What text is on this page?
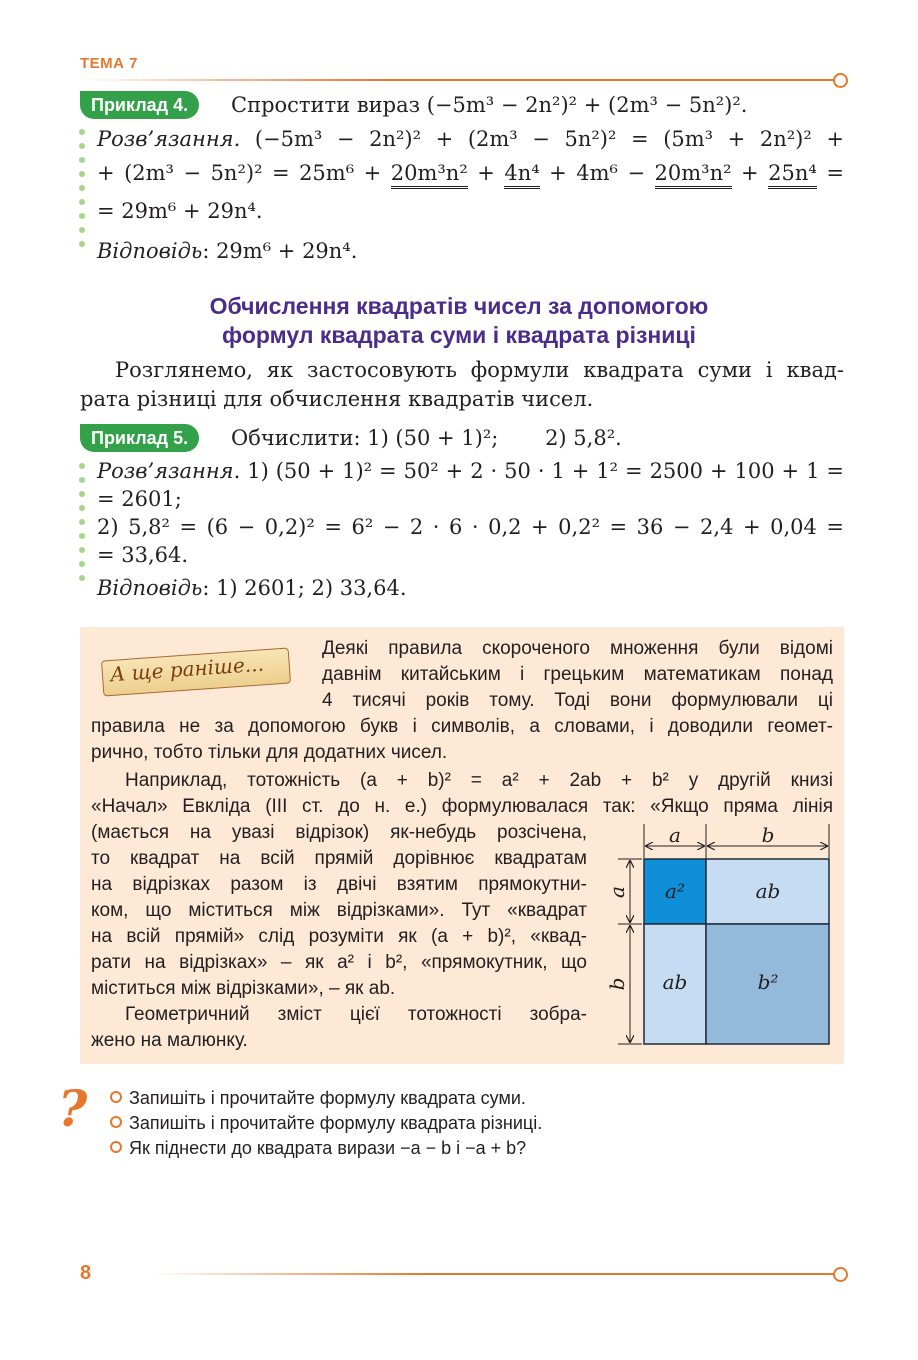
ТЕМА 7
Приклад 4.	Спростити вираз (−5m³ − 2n²)² + (2m³ − 5n²)².
Розв’язання. (−5m³ − 2n²)² + (2m³ − 5n²)² = (5m³ + 2n²)² +
+ (2m³ − 5n²)² = 25m⁶ + 20m³n² + 4n⁴ + 4m⁶ − 20m³n² + 25n⁴ =
= 29m⁶ + 29n⁴.
Відповідь: 29m⁶ + 29n⁴.
Обчислення квадратів чисел за допомогою
формул квадрата суми і квадрата різниці
Розглянемо, як застосовують формули квадрата суми і квад-
рата різниці для обчислення квадратів чисел.
Приклад 5.	Обчислити: 1) (50 + 1)²;       2) 5,8².
Розв’язання. 1) (50 + 1)² = 50² + 2 · 50 · 1 + 1² = 2500 + 100 + 1 =
= 2601;
2) 5,8² = (6 − 0,2)² = 6² − 2 · 6 · 0,2 + 0,2² = 36 − 2,4 + 0,04 =
= 33,64.
Відповідь: 1) 2601; 2) 33,64.
А ще раніше...
Деякі правила скороченого множення були відомі
давнім китайським і грецьким математикам понад
4 тисячі років тому. Тоді вони формулювали ці
правила не за допомогою букв і символів, а словами, і доводили геомет-
рично, тобто тільки для додатних чисел.
Наприклад, тотожність (a + b)² = a² + 2ab + b² у другій книзі
«Начал» Евкліда (ІІІ ст. до н. е.) формулювалася так: «Якщо пряма лінія
(мається на увазі відрізок) як-небудь розсічена,
то квадрат на всій прямій дорівнює квадратам
на відрізках разом із двічі взятим прямокутни-
ком, що міститься між відрізками». Тут «квадрат
на всій прямій» слід розуміти як (a + b)², «квад-
рати на відрізках» – як a² і b², «прямокутник, що
міститься між відрізками», – як ab.
Геометричний зміст цієї тотожності зобра-
жено на малюнку.
a	b
a
b
a²	ab
ab	b²
?	Запишіть і прочитайте формулу квадрата суми.
Запишіть і прочитайте формулу квадрата різниці.
Як піднести до квадрата вирази −a − b і −a + b?
8
